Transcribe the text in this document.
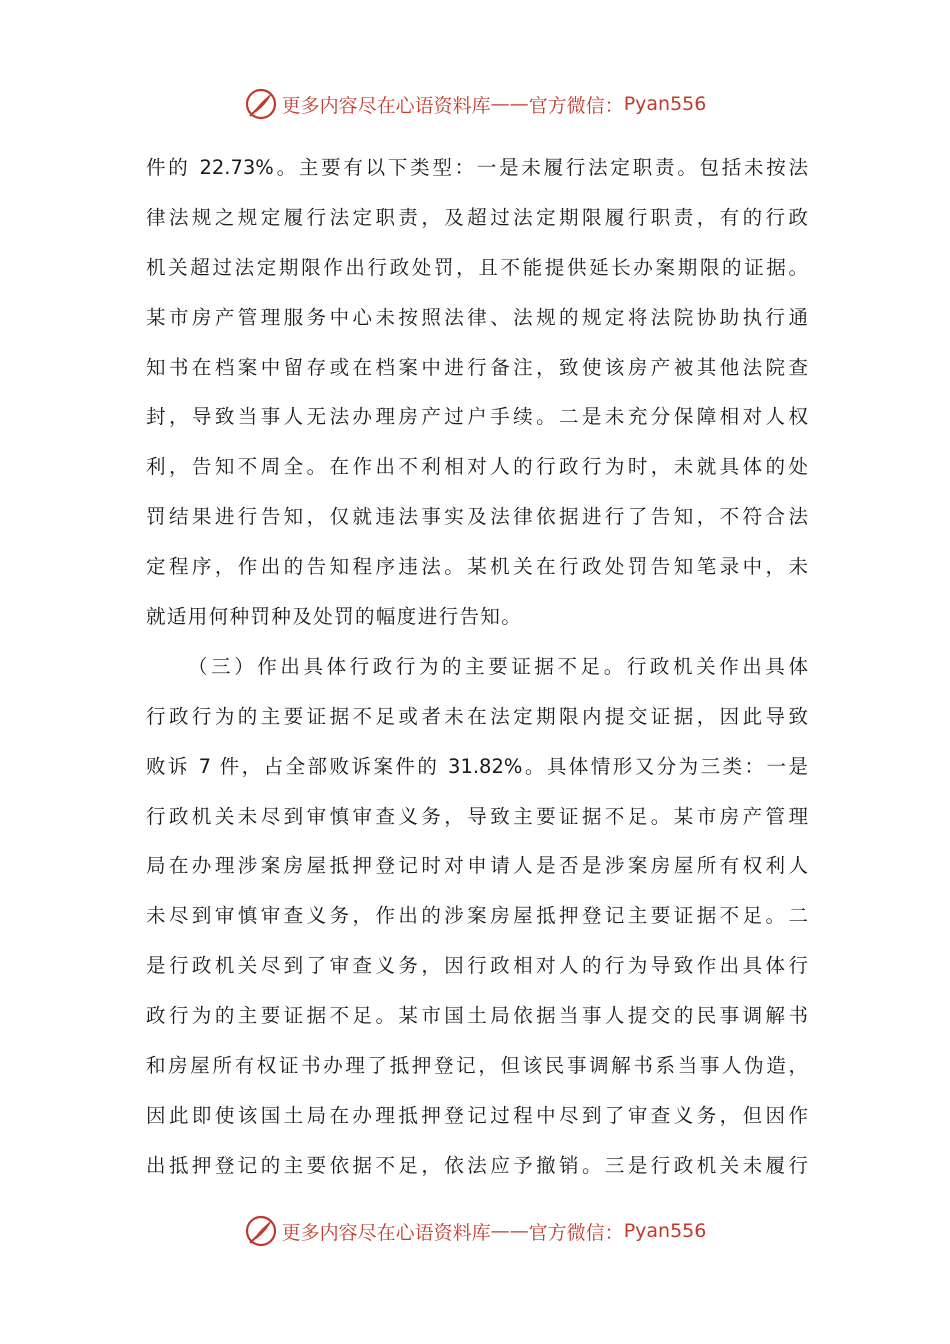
更多内容尽在心语资料库 —— 官方微信： Pyan556
件的 22.73%。主要有以下类型：一是未履行法定职责。包括未按法
律法规之规定履行法定职责，及超过法定期限履行职责，有的行政
机关超过法定期限作出行政处罚，且不能提供延长办案期限的证据。
某市房产管理服务中心未按照法律、法规的规定将法院协助执行通
知书在档案中留存或在档案中进行备注，致使该房产被其他法院查
封，导致当事人无法办理房产过户手续。二是未充分保障相对人权
利，告知不周全。在作出不利相对人的行政行为时，未就具体的处
罚结果进行告知，仅就违法事实及法律依据进行了告知，不符合法
定程序，作出的告知程序违法。某机关在行政处罚告知笔录中，未
就适用何种罚种及处罚的幅度进行告知。
（三）作出具体行政行为的主要证据不足。行政机关作出具体
行政行为的主要证据不足或者未在法定期限内提交证据，因此导致
败诉 7 件，占全部败诉案件的 31.82%。具体情形又分为三类：一是
行政机关未尽到审慎审查义务，导致主要证据不足。某市房产管理
局在办理涉案房屋抵押登记时对申请人是否是涉案房屋所有权利人
未尽到审慎审查义务，作出的涉案房屋抵押登记主要证据不足。二
是行政机关尽到了审查义务，因行政相对人的行为导致作出具体行
政行为的主要证据不足。某市国土局依据当事人提交的民事调解书
和房屋所有权证书办理了抵押登记，但该民事调解书系当事人伪造，
因此即使该国土局在办理抵押登记过程中尽到了审查义务，但因作
出抵押登记的主要依据不足，依法应予撤销。三是行政机关未履行
更多内容尽在心语资料库 —— 官方微信： Pyan556
